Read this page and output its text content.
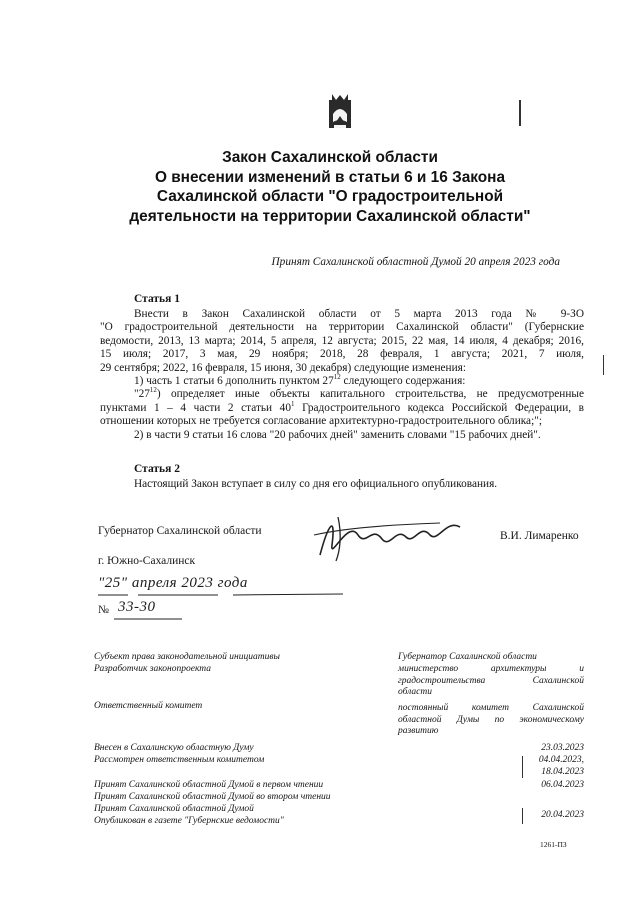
Закон Сахалинской области
О внесении изменений в статьи 6 и 16 Закона
Сахалинской области "О градостроительной
деятельности на территории Сахалинской области"
Принят Сахалинской областной Думой 20 апреля 2023 года
Статья 1

Внести в Закон Сахалинской области от 5 марта 2013 года № 9-ЗО

"О градостроительной деятельности на территории Сахалинской области" (Губернские

ведомости, 2013, 13 марта; 2014, 5 апреля, 12 августа; 2015, 22 мая, 14 июля, 4 декабря; 2016,

15 июля; 2017, 3 мая, 29 ноября; 2018, 28 февраля, 1 августа; 2021, 7 июля,

29 сентября; 2022, 16 февраля, 15 июня, 30 декабря) следующие изменения:

1) часть 1 статьи 6 дополнить пунктом $27^{12}$ следующего содержания:

"$27^{12}$) определяет иные объекты капитального строительства, не предусмотренные

пунктами 1 – 4 части 2 статьи $40^1$ Градостроительного кодекса Российской Федерации, в

отношении которых не требуется согласование архитектурно-градостроительного облика;";

2) в части 9 статьи 16 слова "20 рабочих дней" заменить словами "15 рабочих дней".

Статья 2

Настоящий Закон вступает в силу со дня его официального опубликования.

Губернатор Сахалинской области	В.И. Лимаренко
г. Южно-Сахалинск
"25" апреля 2023 года
№ 33-30
Субъект права законодательной инициативы
Разработчик законопроекта
Ответственный комитет
Внесен в Сахалинскую областную Думу
Рассмотрен ответственным комитетом
Принят Сахалинской областной Думой в первом чтении
Принят Сахалинской областной Думой во втором чтении
Принят Сахалинской областной Думой
Опубликован в газете "Губернские ведомости"
Губернатор Сахалинской области
министерство архитектуры и
градостроительства Сахалинской
области
постоянный комитет Сахалинской
областной Думы по экономическому
развитию
23.03.2023
04.04.2023,
18.04.2023
06.04.2023
20.04.2023
1261-ПЗ
